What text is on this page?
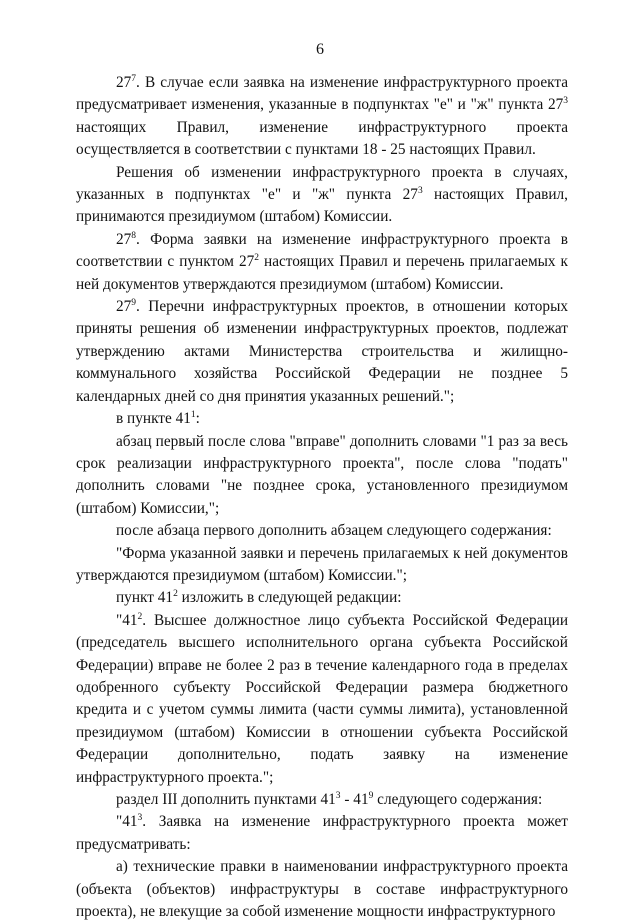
6

$27^7$. В случае если заявка на изменение инфраструктурного проекта предусматривает изменения, указанные в подпунктах "е" и "ж" пункта $27^3$ настоящих Правил, изменение инфраструктурного проекта осуществляется в соответствии с пунктами 18 - 25 настоящих Правил.

Решения об изменении инфраструктурного проекта в случаях, указанных в подпунктах "е" и "ж" пункта $27^3$ настоящих Правил, принимаются президиумом (штабом) Комиссии.

$27^8$. Форма заявки на изменение инфраструктурного проекта в соответствии с пунктом $27^2$ настоящих Правил и перечень прилагаемых к ней документов утверждаются президиумом (штабом) Комиссии.

$27^9$. Перечни инфраструктурных проектов, в отношении которых приняты решения об изменении инфраструктурных проектов, подлежат утверждению актами Министерства строительства и жилищно-коммунального хозяйства Российской Федерации не позднее 5 календарных дней со дня принятия указанных решений.";

в пункте $41^1$:

абзац первый после слова "вправе" дополнить словами "1 раз за весь срок реализации инфраструктурного проекта", после слова "подать" дополнить словами "не позднее срока, установленного президиумом (штабом) Комиссии,";

после абзаца первого дополнить абзацем следующего содержания:

"Форма указанной заявки и перечень прилагаемых к ней документов утверждаются президиумом (штабом) Комиссии.";

пункт $41^2$ изложить в следующей редакции:

"$41^2$. Высшее должностное лицо субъекта Российской Федерации (председатель высшего исполнительного органа субъекта Российской Федерации) вправе не более 2 раз в течение календарного года в пределах одобренного субъекту Российской Федерации размера бюджетного кредита и с учетом суммы лимита (части суммы лимита), установленной президиумом (штабом) Комиссии в отношении субъекта Российской Федерации дополнительно, подать заявку на изменение инфраструктурного проекта.";

раздел III дополнить пунктами $41^3 - 41^9$ следующего содержания:

"$41^3$. Заявка на изменение инфраструктурного проекта может предусматривать:

а) технические правки в наименовании инфраструктурного проекта (объекта (объектов) инфраструктуры в составе инфраструктурного проекта), не влекущие за собой изменение мощности инфраструктурного
